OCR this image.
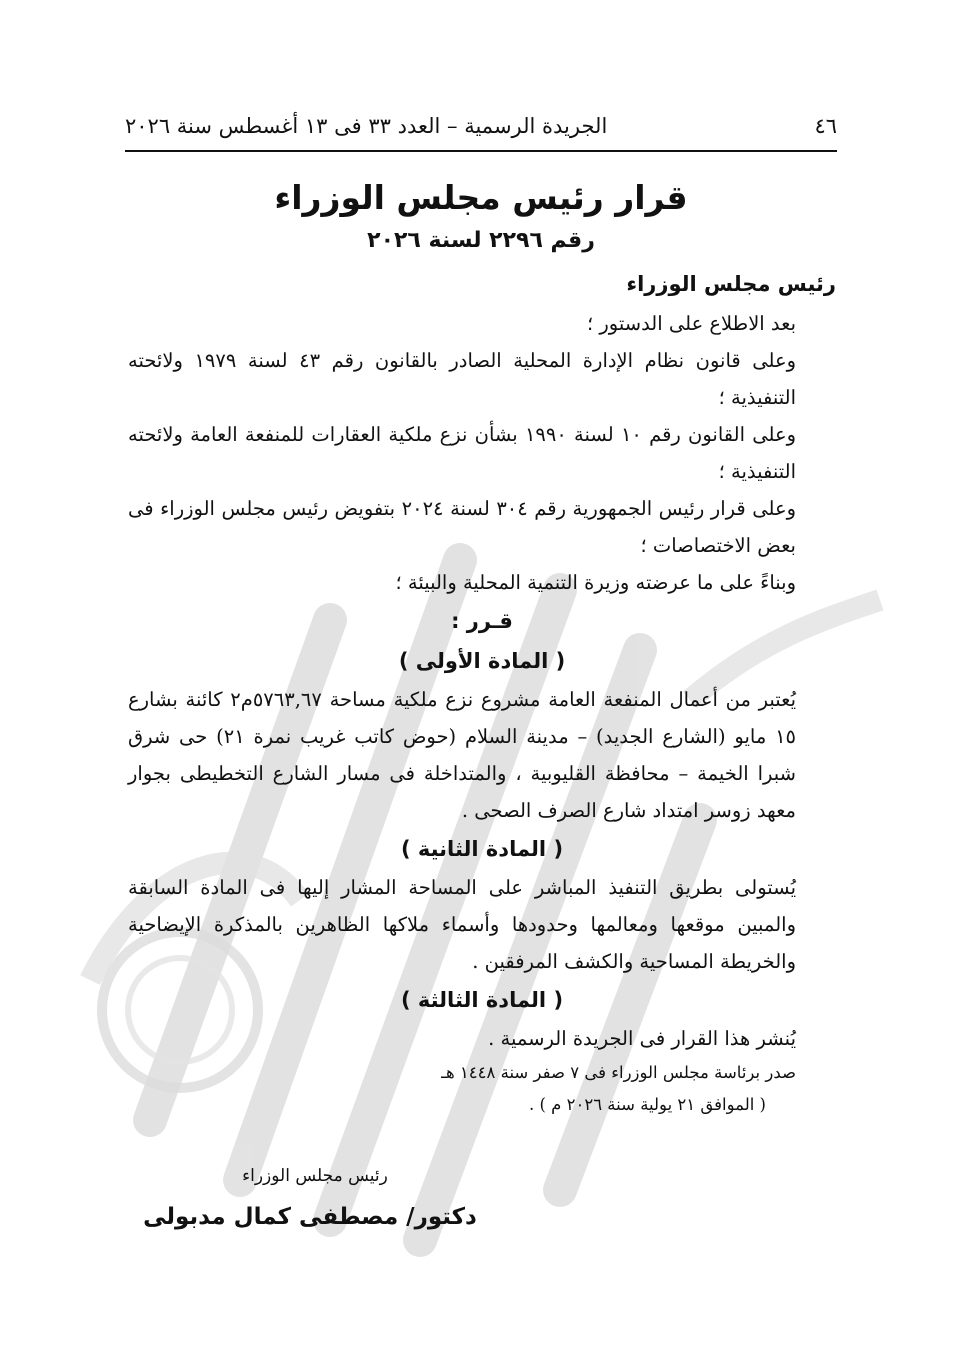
٤٦
الجريدة الرسمية – العدد ٣٣ فى ١٣ أغسطس سنة ٢٠٢٦
قرار رئيس مجلس الوزراء
رقم ٢٢٩٦ لسنة ٢٠٢٦

رئيس مجلس الوزراء

بعد الاطلاع على الدستور ؛

وعلى قانون نظام الإدارة المحلية الصادر بالقانون رقم ٤٣ لسنة ١٩٧٩ ولائحته التنفيذية ؛

وعلى القانون رقم ١٠ لسنة ١٩٩٠ بشأن نزع ملكية العقارات للمنفعة العامة ولائحته التنفيذية ؛

وعلى قرار رئيس الجمهورية رقم ٣٠٤ لسنة ٢٠٢٤ بتفويض رئيس مجلس الوزراء فى بعض الاختصاصات ؛

وبناءً على ما عرضته وزيرة التنمية المحلية والبيئة ؛

قـرر :

( المادة الأولى )

يُعتبر من أعمال المنفعة العامة مشروع نزع ملكية مساحة ٥٧٦٣,٦٧م٢ كائنة بشارع ١٥ مايو (الشارع الجديد) – مدينة السلام (حوض كاتب غريب نمرة ٢١) حى شرق شبرا الخيمة – محافظة القليوبية ، والمتداخلة فى مسار الشارع التخطيطى بجوار معهد زوسر امتداد شارع الصرف الصحى .

( المادة الثانية )

يُستولى بطريق التنفيذ المباشر على المساحة المشار إليها فى المادة السابقة والمبين موقعها ومعالمها وحدودها وأسماء ملاكها الظاهرين بالمذكرة الإيضاحية والخريطة المساحية والكشف المرفقين .

( المادة الثالثة )

يُنشر هذا القرار فى الجريدة الرسمية .

صدر برئاسة مجلس الوزراء فى ٧ صفر سنة ١٤٤٨ هـ

( الموافق ٢١ يولية سنة ٢٠٢٦ م ) .

رئيس مجلس الوزراء
دكتور/ مصطفى كمال مدبولى
